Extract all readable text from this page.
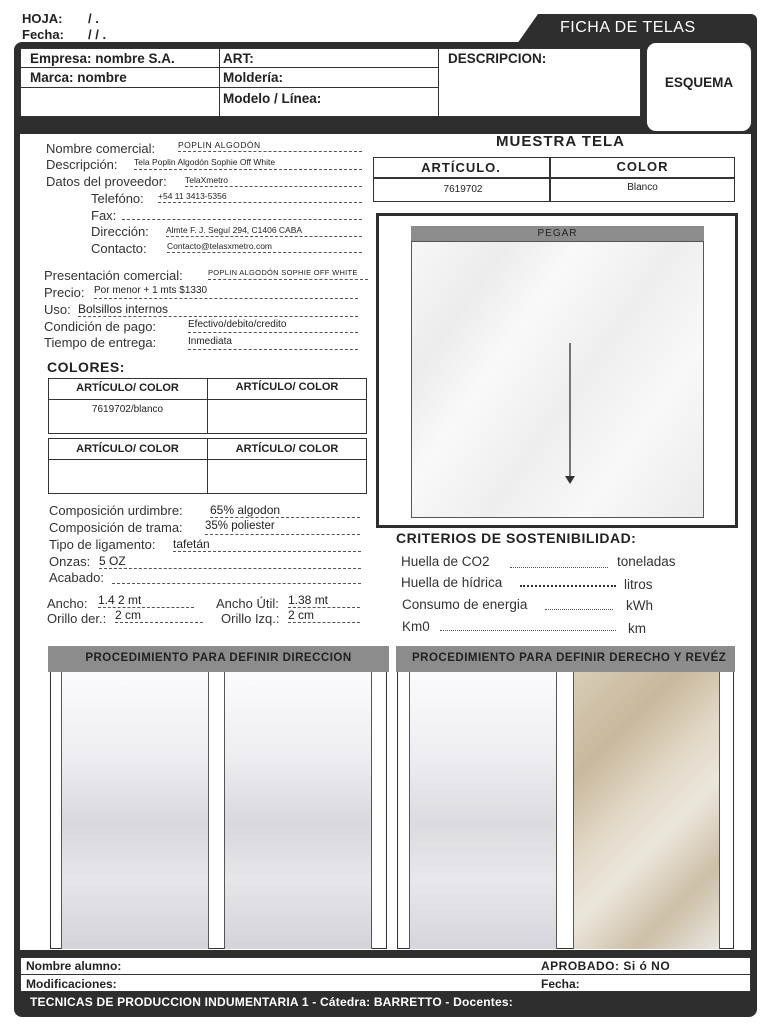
HOJA: / .
Fecha: / / .	FICHA DE TELAS
Empresa: nombre S.A.
Marca: nombre
ART:
Moldería:
Modelo / Línea:
DESCRIPCION:
ESQUEMA
Nombre comercial:	POPLIN ALGODÓN
Descripción: Tela Poplin Algodón Sophie Off White
Datos del proveedor: TelaXmetro
Telefóno: +54 11 3413-5356
Fax:
Dirección: Almte F. J. Seguí 294, C1406 CABA
Contacto: Contacto@telasxmetro.com
Presentación comercial:	POPLIN ALGODÓN SOPHIE OFF WHITE
Precio: Por menor + 1 mts $1330
Uso: Bolsillos internos
Condición de pago:	Efectivo/debito/credito
Tiempo de entrega:	Inmediata
COLORES:
ARTÍCULO/ COLOR	ARTÍCULO/ COLOR
7619702/blanco
ARTÍCULO/ COLOR	ARTÍCULO/ COLOR
Composición urdimbre: 65% algodon
Composición de trama: 35% poliester
Tipo de ligamento: tafetán
Onzas: 5 OZ
Acabado:
Ancho: 1.4 2 mt	Ancho Útil: 1.38 mt
Orillo der.: 2 cm	Orillo Izq.: 2 cm
MUESTRA TELA
ARTÍCULO.	COLOR
7619702	Blanco
PEGAR
CRITERIOS DE SOSTENIBILIDAD:
Huella de CO2	toneladas
Huella de hídrica	litros
Consumo de energia	kWh
Km0	km
PROCEDIMIENTO PARA DEFINIR DIRECCIÓN	PROCEDIMIENTO PARA DEFINIR DERECHO Y REVÉZ
Nombre alumno:	APROBADO: Si ó NO
Modificaciones:	Fecha:
TECNICAS DE PRODUCCION INDUMENTARIA 1 - Cátedra: BARRETTO - Docentes:
